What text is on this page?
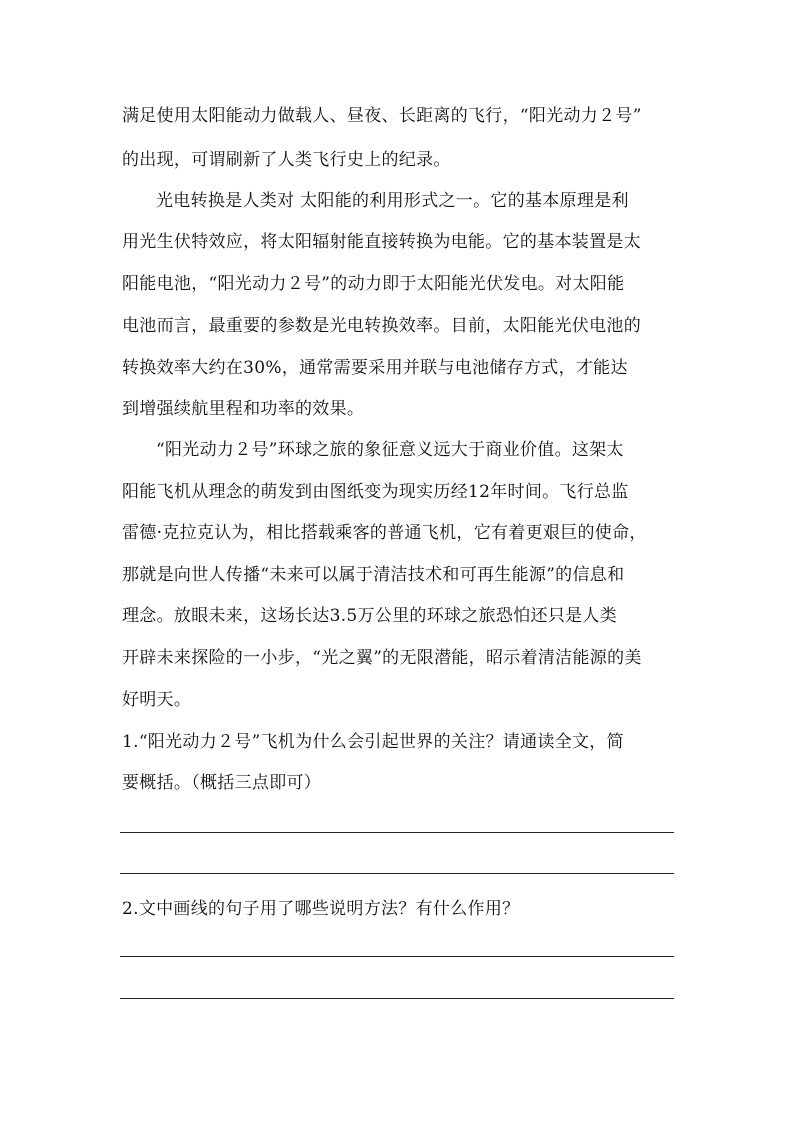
满足使用太阳能动力做载人、昼夜、长距离的飞行，“阳光动力２号”
的出现，可谓刷新了人类飞行史上的纪录。
光电转换是人类对 太阳能的利用形式之一。它的基本原理是利
用光生伏特效应，将太阳辐射能直接转换为电能。它的基本装置是太
阳能电池，“阳光动力２号”的动力即于太阳能光伏发电。对太阳能
电池而言，最重要的参数是光电转换效率。目前，太阳能光伏电池的
转换效率大约在30%，通常需要采用并联与电池储存方式，才能达
到增强续航里程和功率的效果。
“阳光动力２号”环球之旅的象征意义远大于商业价值。这架太
阳能飞机从理念的萌发到由图纸变为现实历经12年时间。飞行总监
雷德·克拉克认为，相比搭载乘客的普通飞机，它有着更艰巨的使命，
那就是向世人传播“未来可以属于清洁技术和可再生能源”的信息和
理念。放眼未来，这场长达3.5万公里的环球之旅恐怕还只是人类
开辟未来探险的一小步，“光之翼”的无限潜能，昭示着清洁能源的美
好明天。
1.“阳光动力２号”飞机为什么会引起世界的关注？请通读全文，简
要概括。（概括三点即可）
2.文中画线的句子用了哪些说明方法？有什么作用？
